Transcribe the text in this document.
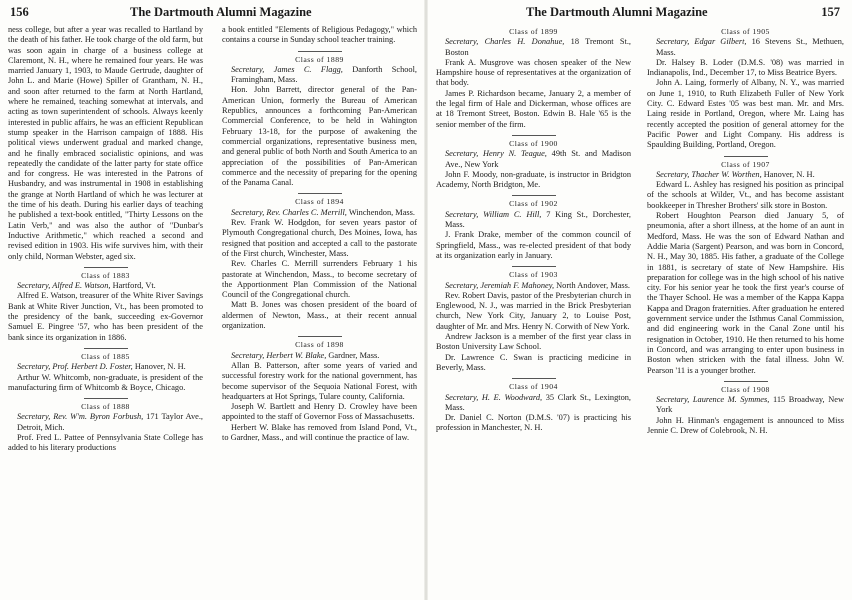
156	The Dartmouth Alumni Magazine

ness college, but after a year was recalled to Hartland by the death of his father. He took charge of the old farm, but was soon again in charge of a business college at Claremont, N. H., where he remained four years. He was married January 1, 1903, to Maude Gertrude, daughter of John L. and Marie (Howe) Spiller of Grantham, N. H., and soon after returned to the farm at North Hartland, where he remained, teaching somewhat at intervals, and acting as town superintendent of schools. Always keenly interested in public affairs, he was an efficient Republican stump speaker in the Harrison campaign of 1888. His political views underwent gradual and marked change, and he finally embraced socialistic opinions, and was repeatedly the candidate of the latter party for state office and for congress. He was interested in the Patrons of Husbandry, and was instrumental in 1908 in establishing the grange at North Hartland of which he was lecturer at the time of his death. During his earlier days of teaching he published a text-book entitled, "Thirty Lessons on the Latin Verb," and was also the author of "Dunbar's Inductive Arithmetic," which reached a second and revised edition in 1903. His wife survives him, with their only child, Norman Webster, aged six.

Class of 1883

Secretary, Alfred E. Watson, Hartford, Vt.

Alfred E. Watson, treasurer of the White River Savings Bank at White River Junction, Vt., has been promoted to the presidency of the bank, succeeding ex-Governor Samuel E. Pingree '57, who has been president of the bank since its organization in 1886.

Class of 1885

Secretary, Prof. Herbert D. Foster, Hanover, N. H.

Arthur W. Whitcomb, non-graduate, is president of the manufacturing firm of Whitcomb & Boyce, Chicago.

Class of 1888

Secretary, Rev. W'm. Byron Forbush, 171 Taylor Ave., Detroit, Mich.

Prof. Fred L. Pattee of Pennsylvania State College has added to his literary productions

a book entitled "Elements of Religious Pedagogy," which contains a course in Sunday school teacher training.

Class of 1889

Secretary, James C. Flagg, Danforth School, Framingham, Mass.

Hon. John Barrett, director general of the Pan-American Union, formerly the Bureau of American Republics, announces a forthcoming Pan-American Commercial Conference, to be held in Wahington February 13-18, for the purpose of awakening the commercial organizations, representative business men, and general public of both North and South America to an appreciation of the possibilities of Pan-American commerce and the necessity of preparing for the opening of the Panama Canal.

Class of 1894

Secretary, Rev. Charles C. Merrill, Winchendon, Mass.

Rev. Frank W. Hodgdon, for seven years pastor of Plymouth Congregational church, Des Moines, Iowa, has resigned that position and accepted a call to the pastorate of the First church, Winchester, Mass.

Rev. Charles C. Merrill surrenders February 1 his pastorate at Winchendon, Mass., to become secretary of the Apportionment Plan Commission of the National Council of the Congregational church.

Matt B. Jones was chosen president of the board of aldermen of Newton, Mass., at their recent annual organization.

Class of 1898

Secretary, Herbert W. Blake, Gardner, Mass.

Allan B. Patterson, after some years of varied and successful forestry work for the national government, has become supervisor of the Sequoia National Forest, with headquarters at Hot Springs, Tulare county, California.

Joseph W. Bartlett and Henry D. Crowley have been appointed to the staff of Governor Foss of Massachusetts.

Herbert W. Blake has removed from Island Pond, Vt., to Gardner, Mass., and will continue the practice of law.

The Dartmouth Alumni Magazine	157
Class of 1899

Secretary, Charles H. Donahue, 18 Tremont St., Boston

Frank A. Musgrove was chosen speaker of the New Hampshire house of representatives at the organization of that body.

James P. Richardson became, January 2, a member of the legal firm of Hale and Dickerman, whose offices are at 18 Tremont Street, Boston. Edwin B. Hale '65 is the senior member of the firm.

Class of 1900

Secretary, Henry N. Teague, 49th St. and Madison Ave., New York

John F. Moody, non-graduate, is instructor in Bridgton Academy, North Bridgton, Me.

Class of 1902

Secretary, William C. Hill, 7 King St., Dorchester, Mass.

J. Frank Drake, member of the common council of Springfield, Mass., was re-elected president of that body at its organization early in January.

Class of 1903

Secretary, Jeremiah F. Mahoney, North Andover, Mass.

Rev. Robert Davis, pastor of the Presbyterian church in Englewood, N. J., was married in the Brick Presbyterian church, New York City, January 2, to Louise Post, daughter of Mr. and Mrs. Henry N. Corwith of New York.

Andrew Jackson is a member of the first year class in Boston University Law School.

Dr. Lawrence C. Swan is practicing medicine in Beverly, Mass.

Class of 1904

Secretary, H. E. Woodward, 35 Clark St., Lexington, Mass.

Dr. Daniel C. Norton (D.M.S. '07) is practicing his profession in Manchester, N. H.

Class of 1905

Secretary, Edgar Gilbert, 16 Stevens St., Methuen, Mass.

Dr. Halsey B. Loder (D.M.S. '08) was married in Indianapolis, Ind., December 17, to Miss Beatrice Byers.

John A. Laing, formerly of Albany, N. Y., was married on June 1, 1910, to Ruth Elizabeth Fuller of New York City. C. Edward Estes '05 was best man. Mr. and Mrs. Laing reside in Portland, Oregon, where Mr. Laing has recently accepted the position of general attorney for the Pacific Power and Light Company. His address is Spaulding Building, Portland, Oregon.

Class of 1907

Secretary, Thacher W. Worthen, Hanover, N. H.

Edward L. Ashley has resigned his position as principal of the schools at Wilder, Vt., and has become assistant bookkeeper in Thresher Brothers' silk store in Boston.

Robert Houghton Pearson died January 5, of pneumonia, after a short illness, at the home of an aunt in Medford, Mass. He was the son of Edward Nathan and Addie Maria (Sargent) Pearson, and was born in Concord, N. H., May 30, 1885. His father, a graduate of the College in 1881, is secretary of state of New Hampshire. His preparation for college was in the high school of his native city. For his senior year he took the first year's course of the Thayer School. He was a member of the Kappa Kappa Kappa and Dragon fraternities. After graduation he entered government service under the Isthmus Canal Commission, and did engineering work in the Canal Zone until his resignation in October, 1910. He then returned to his home in Concord, and was arranging to enter upon business in Boston when stricken with the fatal illness. John W. Pearson '11 is a younger brother.

Class of 1908

Secretary, Laurence M. Symmes, 115 Broadway, New York

John H. Hinman's engagement is announced to Miss Jennie C. Drew of Colebrook, N. H.
